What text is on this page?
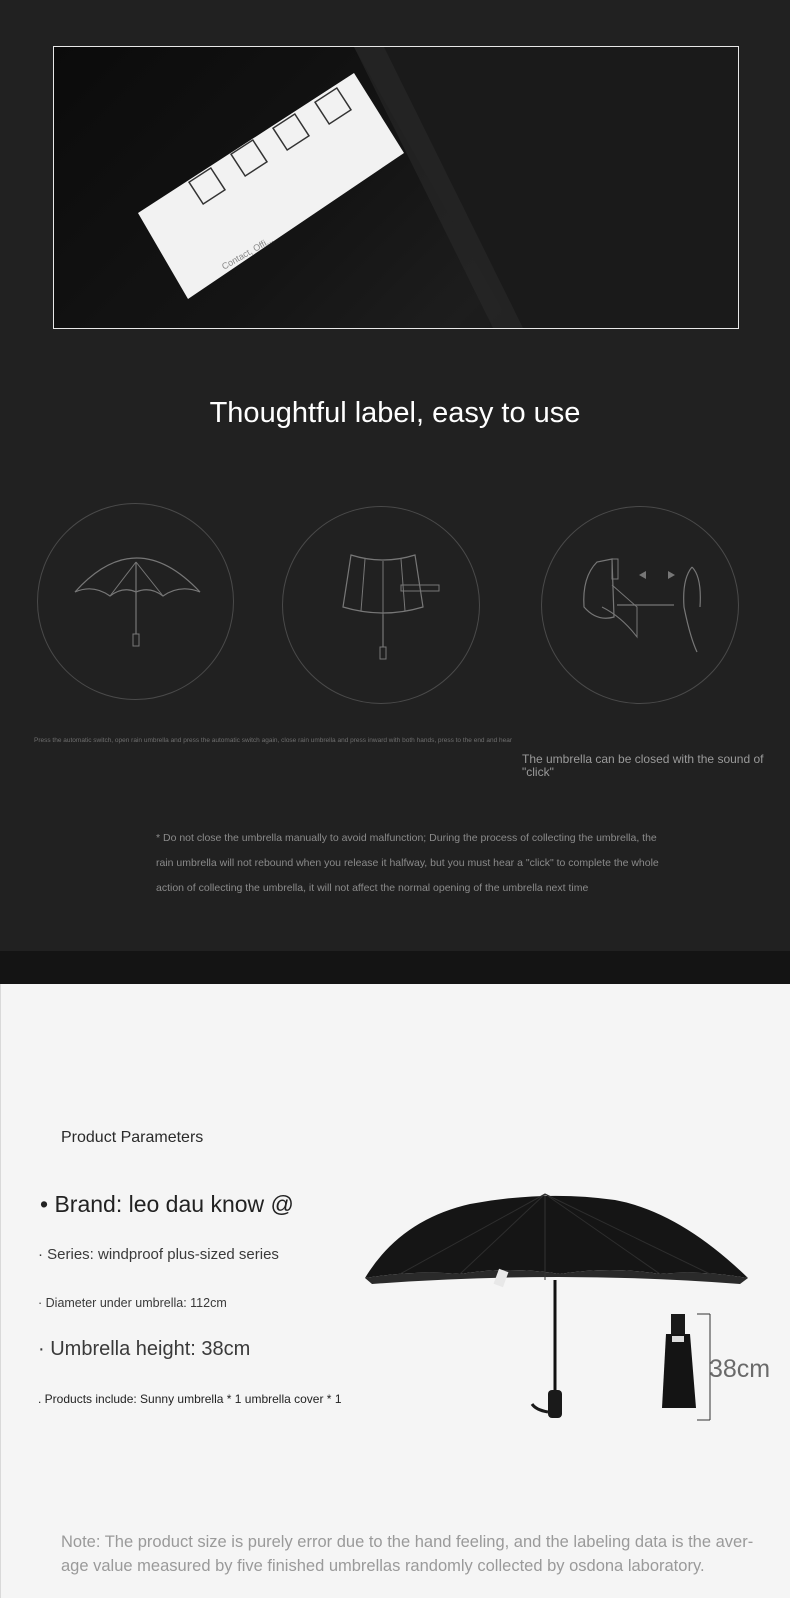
Contact, Offi...
Thoughtful label, easy to use
Press the automatic switch, open rain umbrella and press the automatic switch again, close rain umbrella and press inward with both hands, press to the end and hear
The umbrella can be closed with the sound of "click"
* Do not close the umbrella manually to avoid malfunction; During the process of collecting the umbrella, the rain umbrella will not rebound when you release it halfway, but you must hear a "click" to complete the whole action of collecting the umbrella, it will not affect the normal opening of the umbrella next time
Product Parameters
• Brand: leo dau know @
· Series: windproof plus-sized series
· Diameter under umbrella: 112cm
· Umbrella height: 38cm
. Products include: Sunny umbrella * 1 umbrella cover * 1
38cm
Note: The product size is purely error due to the hand feeling, and the labeling data is the aver-age value measured by five finished umbrellas randomly collected by osdona laboratory.
